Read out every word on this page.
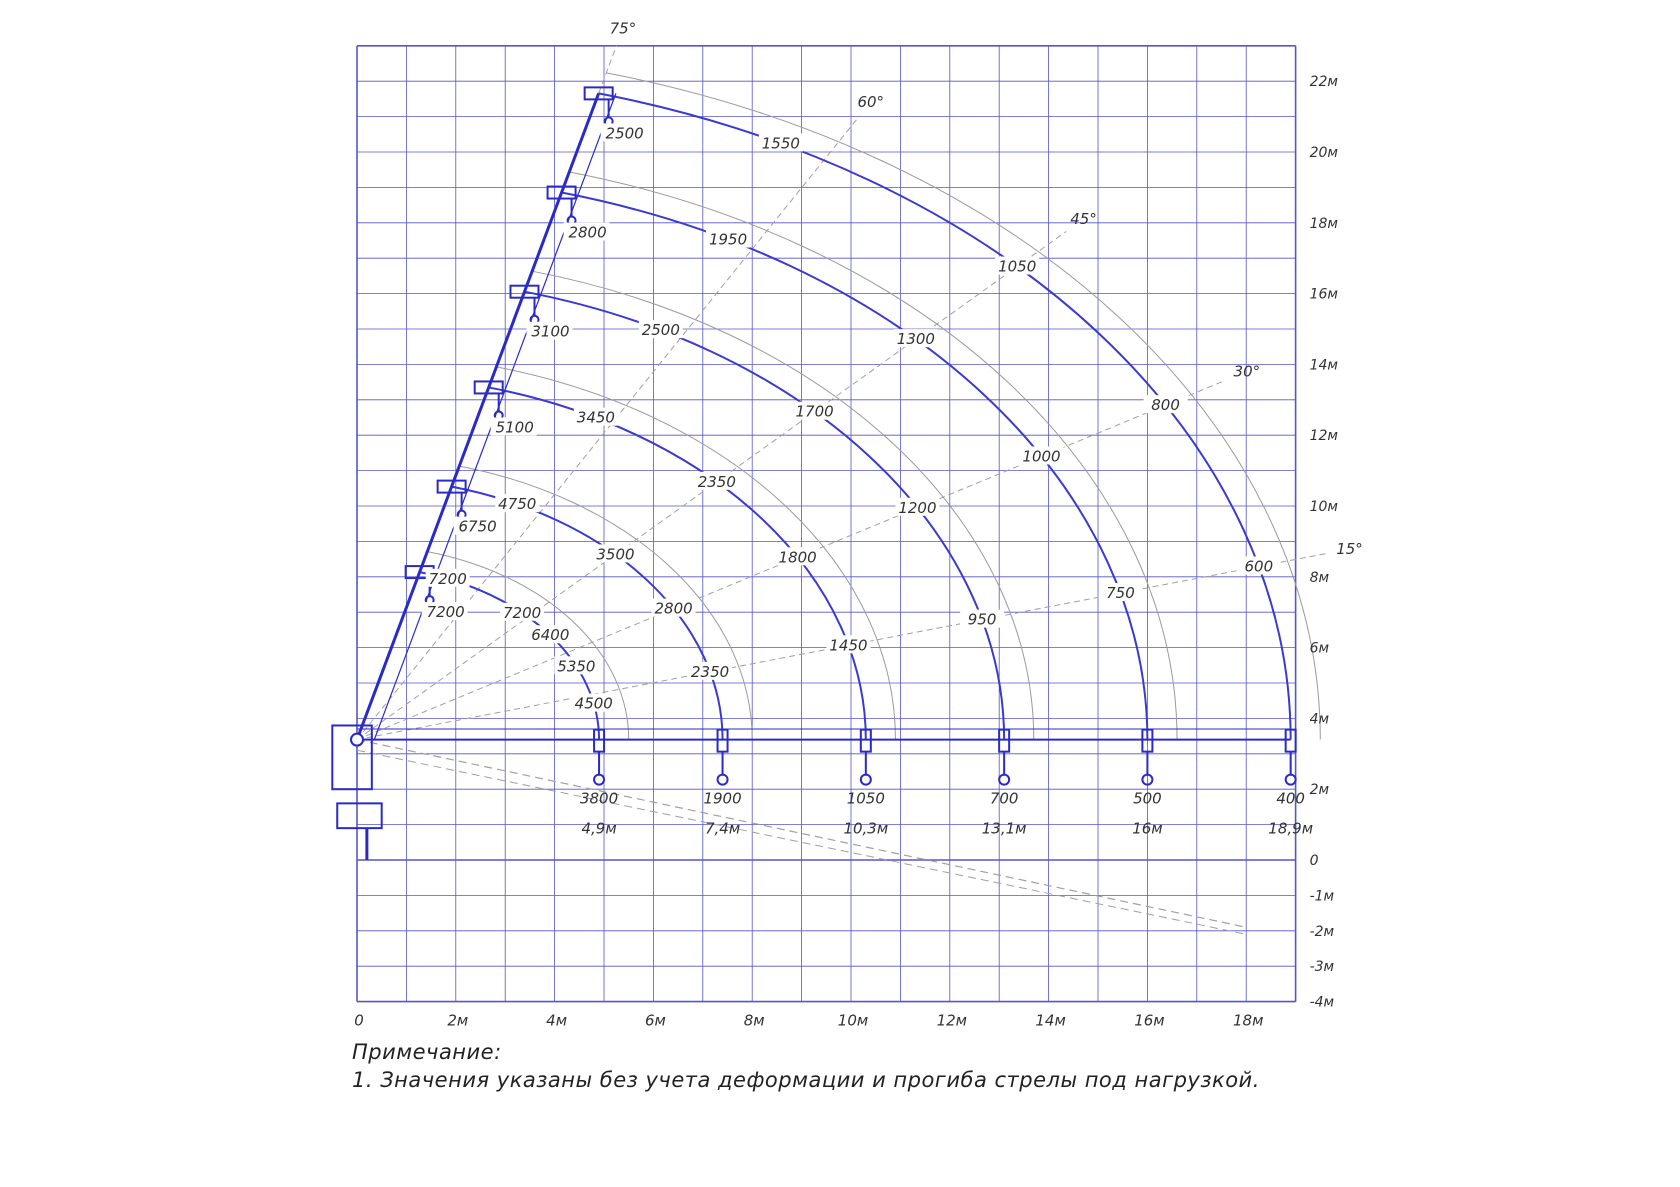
0	2м	4м	6м	8м	10м	12м	14м	16м	18м
22м
20м
18м
16м
14м
12м
10м
8м
6м
4м
2м
0
-1м
-2м
-3м
-4м
75°
60°
45°
30°
15°
7200
7200
6400
5350
4500
3800
4,9м
4750
3500
2800
2350
1900
7,4м
3450
2350
1800
1450
1050
10,3м
2500
1700
1200
950
700
13,1м
1950
1300
1000
750
500
16м
1550
1050
800
600
400
18,9м
7200
6750
5100
3100
2800
2500
Примечание:
1. Значения указаны без учета деформации и прогиба стрелы под нагрузкой.
